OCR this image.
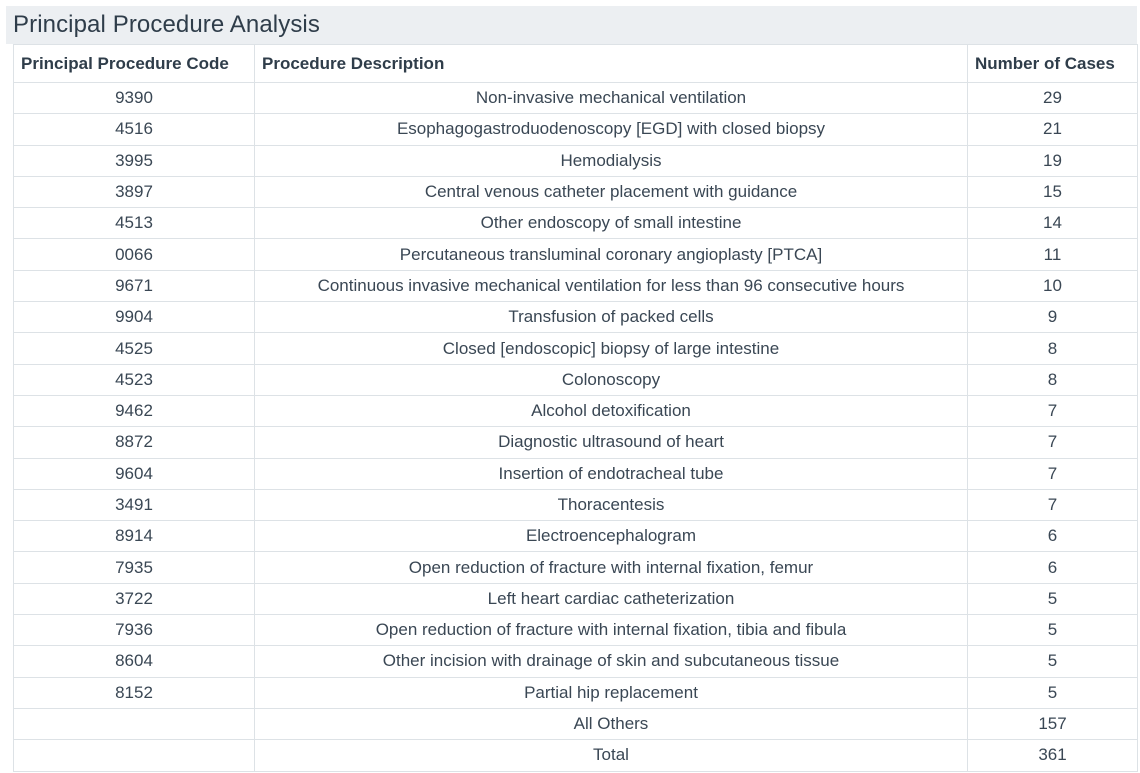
Principal Procedure Analysis
Principal Procedure Code	Procedure Description	Number of Cases
9390	Non-invasive mechanical ventilation	29
4516	Esophagogastroduodenoscopy [EGD] with closed biopsy	21
3995	Hemodialysis	19
3897	Central venous catheter placement with guidance	15
4513	Other endoscopy of small intestine	14
0066	Percutaneous transluminal coronary angioplasty [PTCA]	11
9671	Continuous invasive mechanical ventilation for less than 96 consecutive hours	10
9904	Transfusion of packed cells	9
4525	Closed [endoscopic] biopsy of large intestine	8
4523	Colonoscopy	8
9462	Alcohol detoxification	7
8872	Diagnostic ultrasound of heart	7
9604	Insertion of endotracheal tube	7
3491	Thoracentesis	7
8914	Electroencephalogram	6
7935	Open reduction of fracture with internal fixation, femur	6
3722	Left heart cardiac catheterization	5
7936	Open reduction of fracture with internal fixation, tibia and fibula	5
8604	Other incision with drainage of skin and subcutaneous tissue	5
8152	Partial hip replacement	5
	All Others	157
	Total	361
